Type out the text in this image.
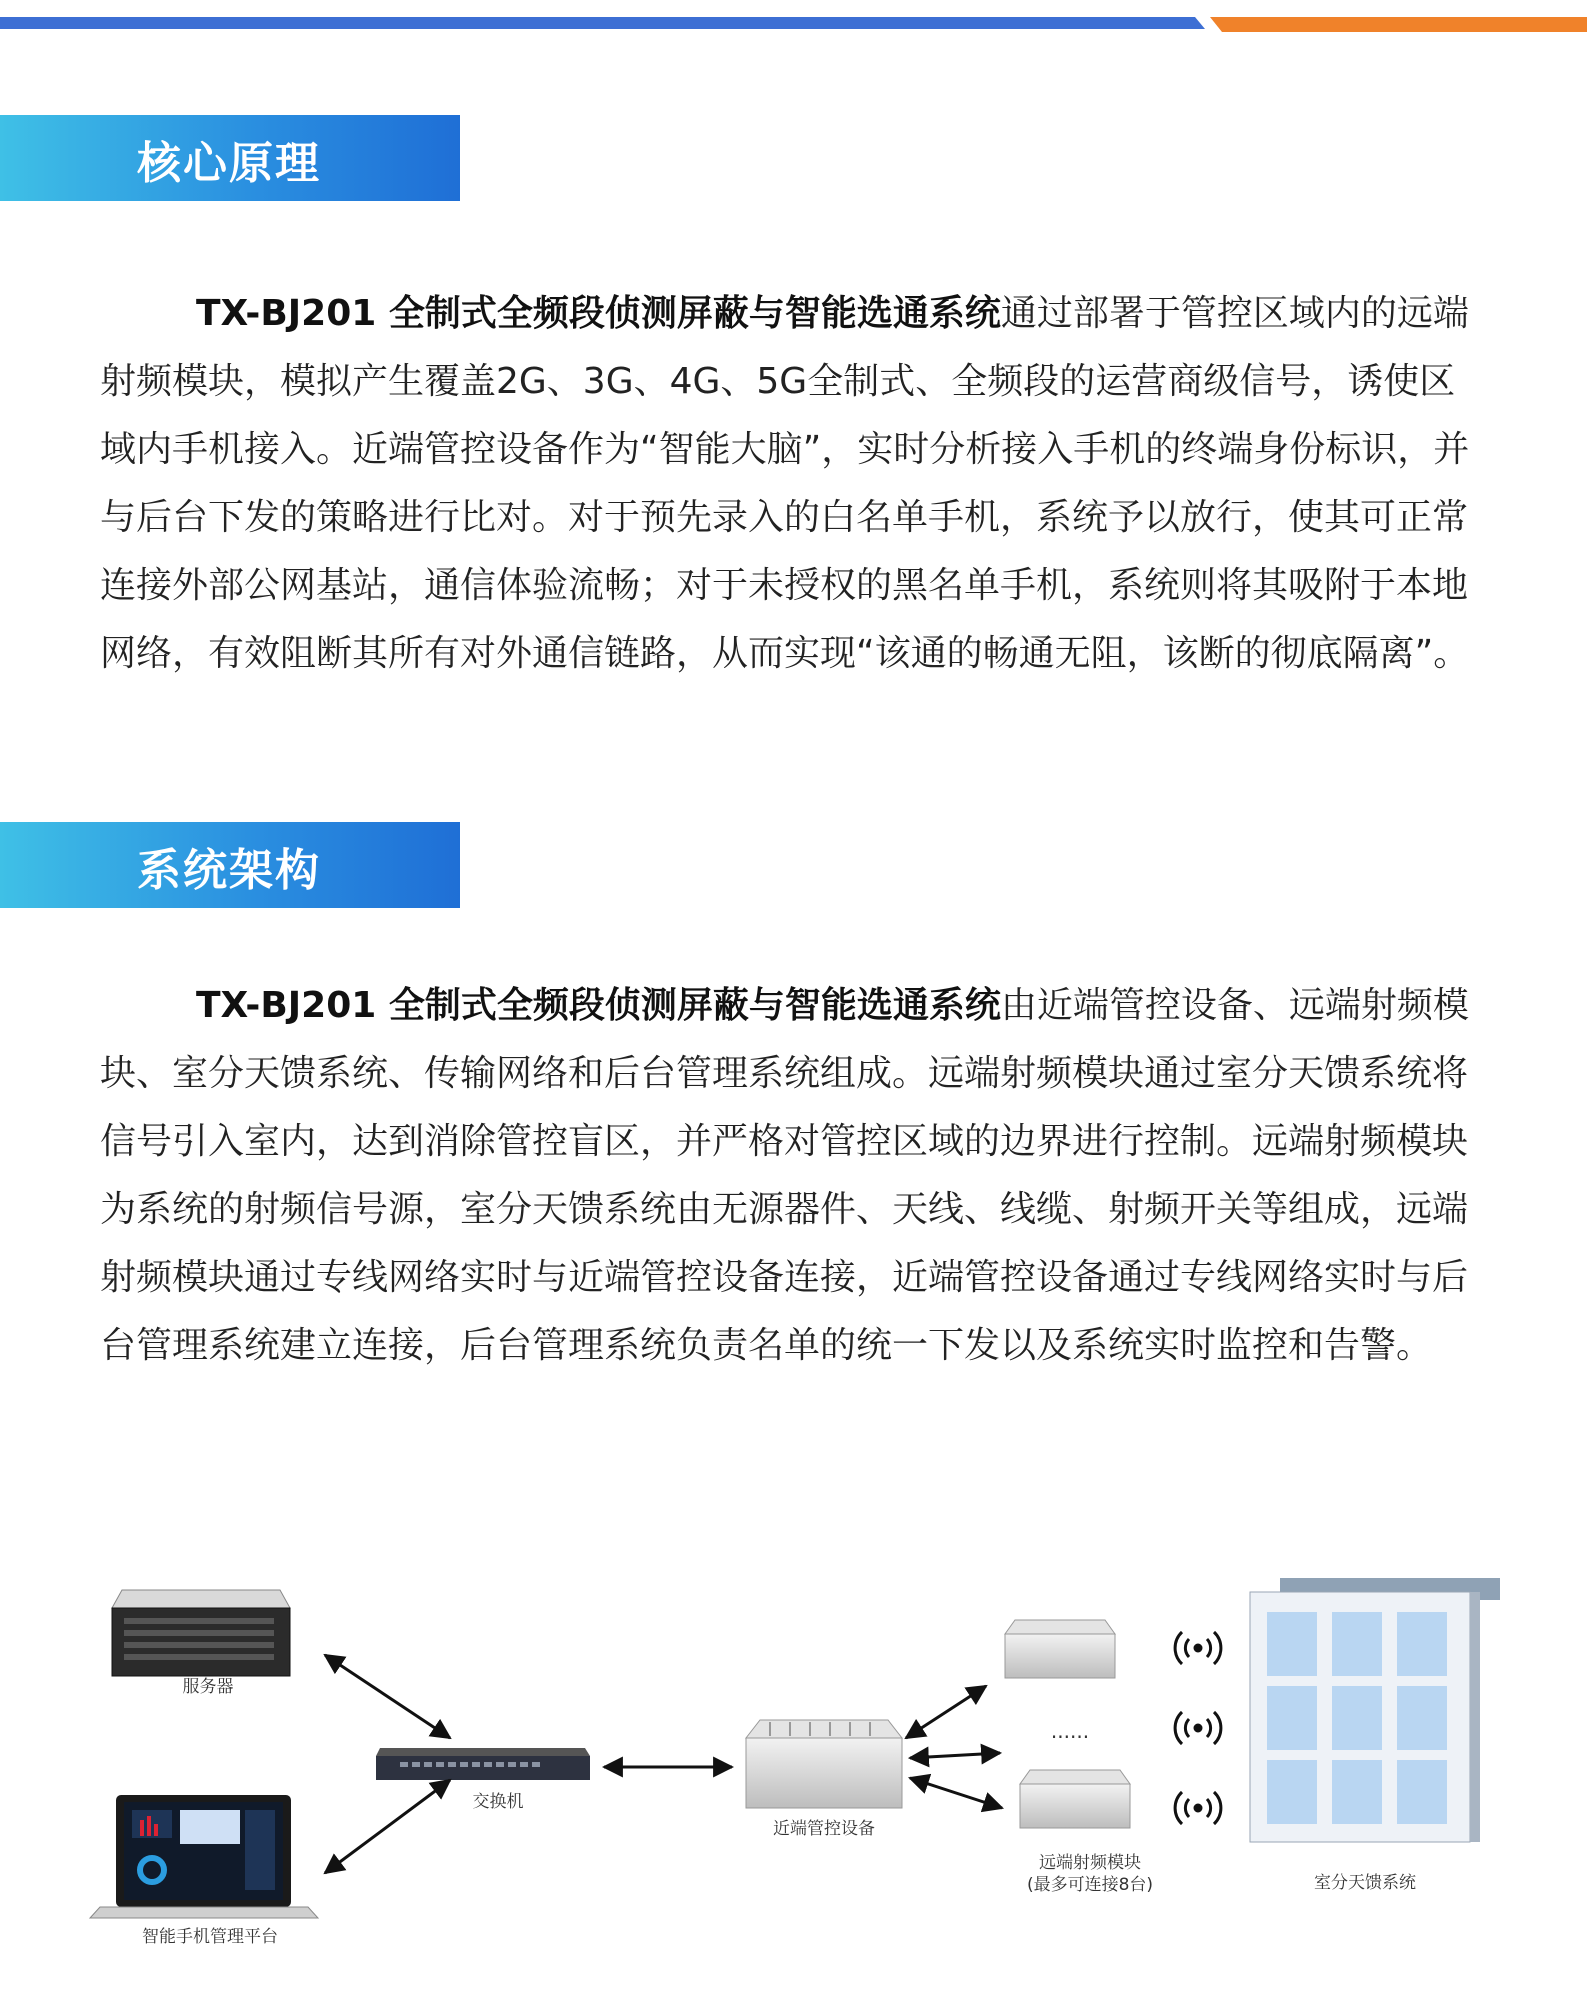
核心原理

TX-BJ201 全制式全频段侦测屏蔽与智能选通系统通过部署于管控区域内的远端射频模块，模拟产生覆盖2G、3G、4G、5G全制式、全频段的运营商级信号，诱使区域内手机接入。近端管控设备作为“智能大脑”，实时分析接入手机的终端身份标识，并与后台下发的策略进行比对。对于预先录入的白名单手机，系统予以放行，使其可正常连接外部公网基站，通信体验流畅；对于未授权的黑名单手机，系统则将其吸附于本地网络，有效阻断其所有对外通信链路，从而实现“该通的畅通无阻，该断的彻底隔离”。

系统架构

TX-BJ201 全制式全频段侦测屏蔽与智能选通系统由近端管控设备、远端射频模块、室分天馈系统、传输网络和后台管理系统组成。远端射频模块通过室分天馈系统将信号引入室内，达到消除管控盲区，并严格对管控区域的边界进行控制。远端射频模块为系统的射频信号源，室分天馈系统由无源器件、天线、线缆、射频开关等组成，远端射频模块通过专线网络实时与近端管控设备连接，近端管控设备通过专线网络实时与后台管理系统建立连接，后台管理系统负责名单的统一下发以及系统实时监控和告警。

服务器
智能手机管理平台
交换机
近端管控设备
......
远端射频模块
(最多可连接8台)	室分天馈系统
